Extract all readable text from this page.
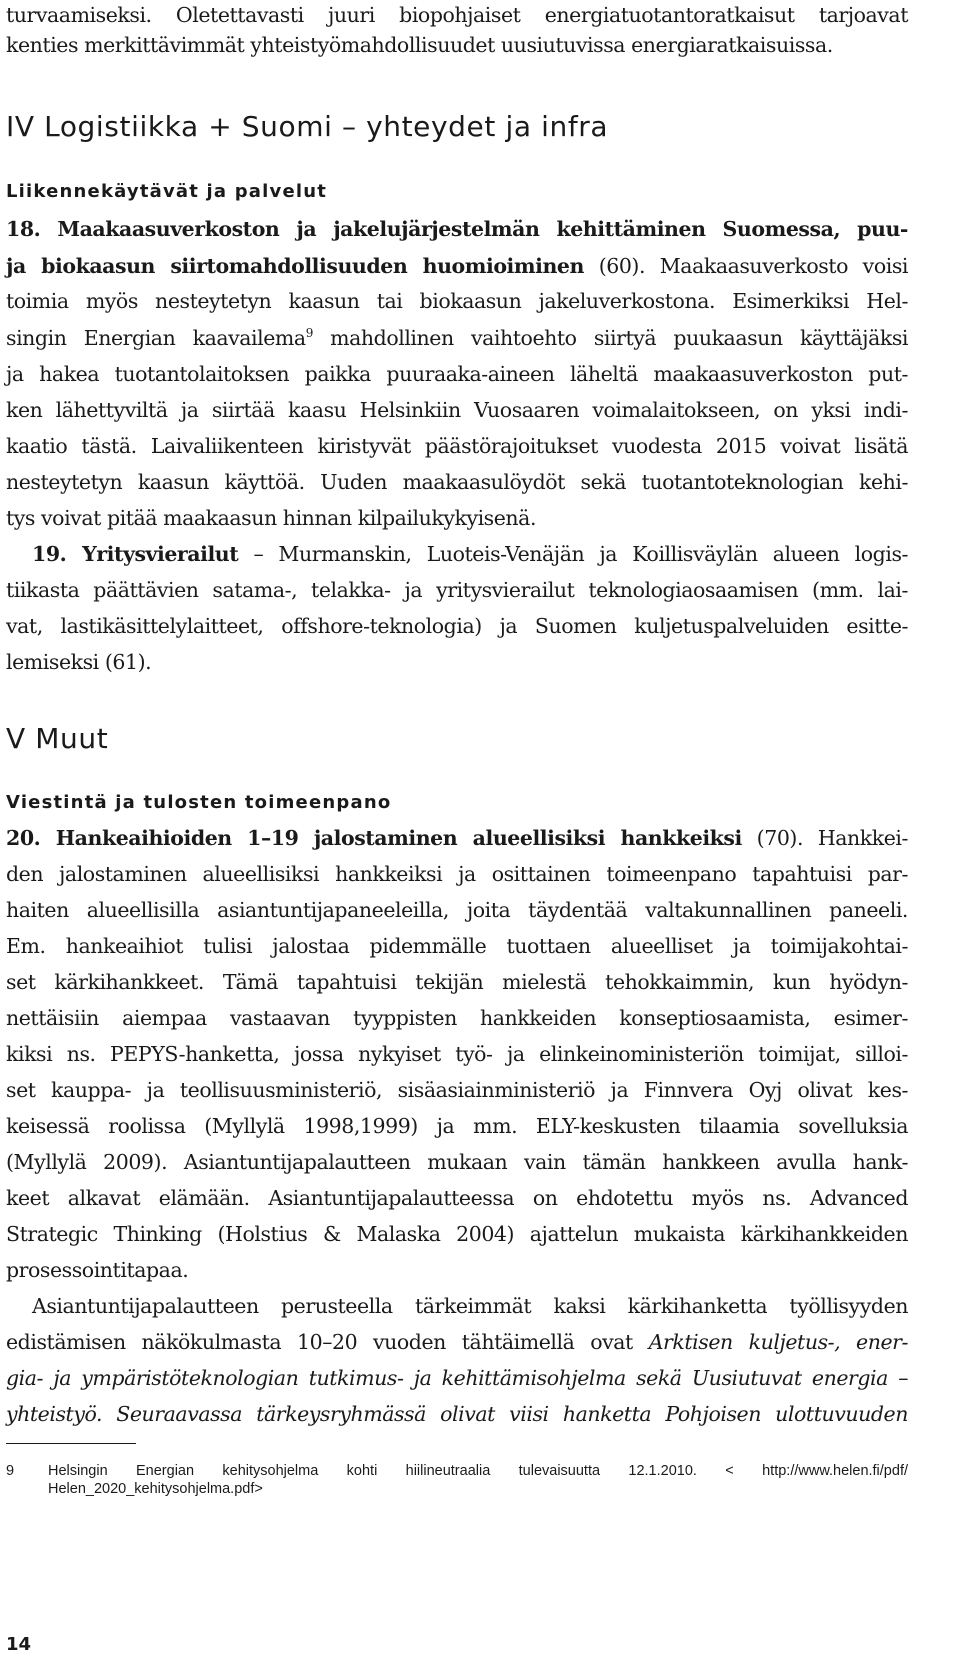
turvaamiseksi. Oletettavasti juuri biopohjaiset energiatuotantoratkaisut tarjoavat
kenties merkittävimmät yhteistyömahdollisuudet uusiutuvissa energiaratkaisuissa.
IV Logistiikka + Suomi – yhteydet ja infra
Liikennekäytävät ja palvelut
18. Maakaasuverkoston ja jakelujärjestelmän kehittäminen Suomessa, puu-
ja biokaasun siirtomahdollisuuden huomioiminen (60). Maakaasuverkosto voisi
toimia myös nesteytetyn kaasun tai biokaasun jakeluverkostona. Esimerkiksi Hel-
singin Energian kaavailema$^9$ mahdollinen vaihtoehto siirtyä puukaasun käyttäjäksi
ja hakea tuotantolaitoksen paikka puuraaka-aineen läheltä maakaasuverkoston put-
ken lähettyviltä ja siirtää kaasu Helsinkiin Vuosaaren voimalaitokseen, on yksi indi-
kaatio tästä. Laivaliikenteen kiristyvät päästörajoitukset vuodesta 2015 voivat lisätä
nesteytetyn kaasun käyttöä. Uuden maakaasulöydöt sekä tuotantoteknologian kehi-
tys voivat pitää maakaasun hinnan kilpailukykyisenä.
19. Yritysvierailut – Murmanskin, Luoteis-Venäjän ja Koillisväylän alueen logis-
tiikasta päättävien satama-, telakka- ja yritysvierailut teknologiaosaamisen (mm. lai-
vat, lastikäsittelylaitteet, offshore-teknologia) ja Suomen kuljetuspalveluiden esitte-
lemiseksi (61).
V Muut
Viestintä ja tulosten toimeenpano
20. Hankeaihioiden 1–19 jalostaminen alueellisiksi hankkeiksi (70). Hankkei-
den jalostaminen alueellisiksi hankkeiksi ja osittainen toimeenpano tapahtuisi par-
haiten alueellisilla asiantuntijapaneeleilla, joita täydentää valtakunnallinen paneeli.
Em. hankeaihiot tulisi jalostaa pidemmälle tuottaen alueelliset ja toimijakohtai-
set kärkihankkeet. Tämä tapahtuisi tekijän mielestä tehokkaimmin, kun hyödyn-
nettäisiin aiempaa vastaavan tyyppisten hankkeiden konseptiosaamista, esimer-
kiksi ns. PEPYS-hanketta, jossa nykyiset työ- ja elinkeinoministeriön toimijat, silloi-
set kauppa- ja teollisuusministeriö, sisäasiainministeriö ja Finnvera Oyj olivat kes-
keisessä roolissa (Myllylä 1998,1999) ja mm. ELY-keskusten tilaamia sovelluksia
(Myllylä 2009). Asiantuntijapalautteen mukaan vain tämän hankkeen avulla hank-
keet alkavat elämään. Asiantuntijapalautteessa on ehdotettu myös ns. Advanced
Strategic Thinking (Holstius & Malaska 2004) ajattelun mukaista kärkihankkeiden
prosessointitapaa.
Asiantuntijapalautteen perusteella tärkeimmät kaksi kärkihanketta työllisyyden
edistämisen näkökulmasta 10–20 vuoden tähtäimellä ovat Arktisen kuljetus-, ener-
gia- ja ympäristöteknologian tutkimus- ja kehittämisohjelma sekä Uusiutuvat energia –
yhteistyö. Seuraavassa tärkeysryhmässä olivat viisi hanketta Pohjoisen ulottuvuuden
9 Helsingin Energian kehitysohjelma kohti hiilineutraalia tulevaisuutta 12.1.2010. < http://www.helen.fi/pdf/
Helen_2020_kehitysohjelma.pdf>
14
